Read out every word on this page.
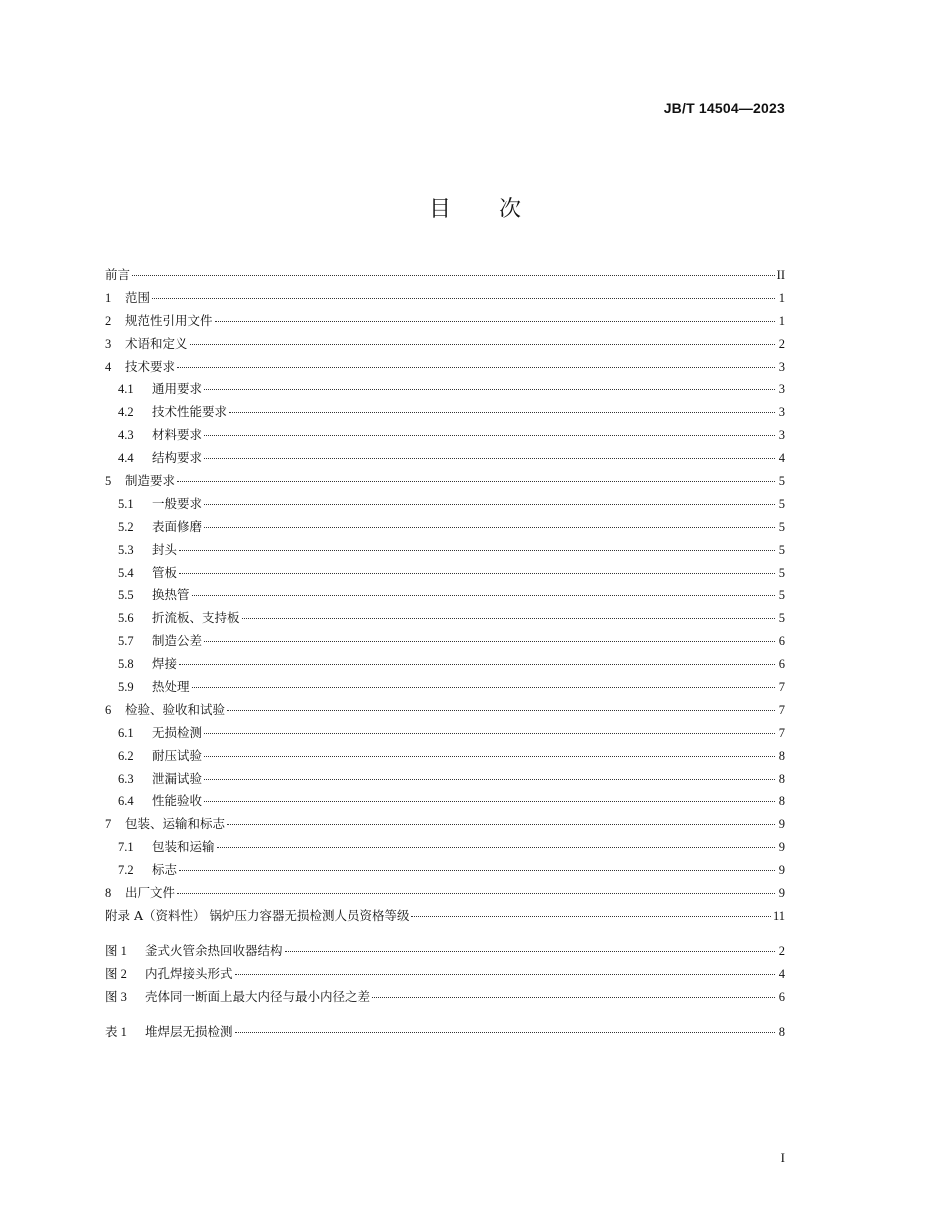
JB/T 14504—2023
目 次
前言	II
1	范围	1
2	规范性引用文件	1
3	术语和定义	2
4	技术要求	3
4.1	通用要求	3
4.2	技术性能要求	3
4.3	材料要求	3
4.4	结构要求	4
5	制造要求	5
5.1	一般要求	5
5.2	表面修磨	5
5.3	封头	5
5.4	管板	5
5.5	换热管	5
5.6	折流板、支持板	5
5.7	制造公差	6
5.8	焊接	6
5.9	热处理	7
6	检验、验收和试验	7
6.1	无损检测	7
6.2	耐压试验	8
6.3	泄漏试验	8
6.4	性能验收	8
7	包装、运输和标志	9
7.1	包装和运输	9
7.2	标志	9
8	出厂文件	9
附录 A（资料性） 锅炉压力容器无损检测人员资格等级	11
图 1	釜式火管余热回收器结构	2
图 2	内孔焊接头形式	4
图 3	壳体同一断面上最大内径与最小内径之差	6
表 1	堆焊层无损检测	8
I
